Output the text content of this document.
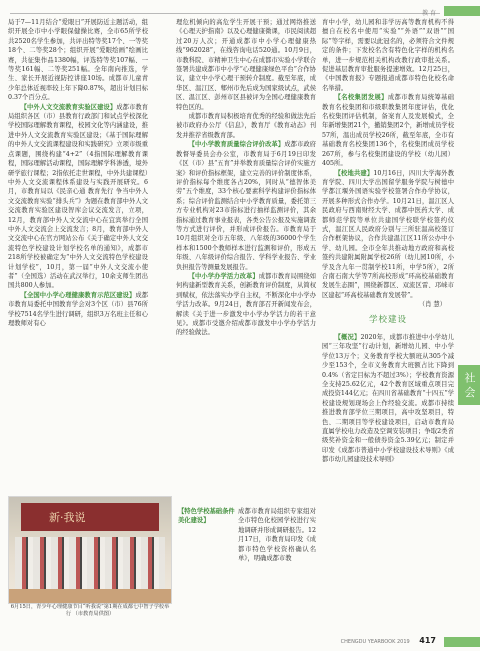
教 育

局于7—11月结合“爱眼日”开展防近主题活动，组织开展全市中小学眼保健操比赛，全市65所学校共2520名学生参加，共评出特等奖17个、一等奖18个、二等奖28个；组织开展“爱眼绘画”绘画比赛，共征集作品1380幅，评选特等奖107幅、一等奖161幅、二等奖251幅。全年南向推选，学生、家长开展近视防控讲座10场。成都市儿童青少年总体近视率较上年下降0.87%，超出计划目标0.37个百分点。

【中外人文交流教育实验区建设】成都市教育局组织各区（市）县教育行政部门和试点学校深化学校国际理解教育课程，校园文化等内涵建设，推进中外人文交流教育实验区建设；《基于国际理解的中外人文交流课程建设和实践研究》立项市级重点课题，围绕构建“4+2”（4指国际理解教育课程，国际理解活动课程，国际理解学科渗透，境外研学旅行课程；2指依托走世课程，中外共建课程）中外人文交流课程体系建设与实践开展研究。6月，市教育局以《民亲心通 教育先行 争当中外人文交流教育实验“排头兵”》为题在教育部中外人文交流教育实验区建设智库会议交流发言，立项，12月，教育部中外人文交流中心在宜宾举行全国中外人文交流会上交流发言；8月，教育部中外人文交流中心在官方网站公布《关于确定中外人文交流特色学校建设计划学校名单的通知》，成都市218所学校被确定为“中外人文交流特色学校建设计划学校”，10月，第一届“中外人文交流小使者”（全国选）活动在武汉举行，10余支师生团出国共800人参加。

【全国中小学心理健康教育示范区建设】成都市教育局委托中国教育学会对3个区（市）县76所学校7514名学生进行调研，组织3万名班主任和心理教师对有心

理危机倾向的高危学生开展干预；通过网络推送《心理天护指南》以及心理健康微课，市民阅读超过20万人次；开通成都市中小学心理健康热线“962028”，在线咨询电话520通。10月9日，市教科院、市精神卫生中心在成都市实验小学联合签署共建成都市中小学“心理健康绿色平台”合作协议，建立中小学心理干预转介制度。截至年底，成华区、温江区、郫州市先后成为国家级试点，武侯区、温江区、彭州市区县被评为全国心理健康教育特色区的。

成都市教育局积极培育优秀的经验和做法先后被市政府办公厅《信息》，教育厅《教育动态》刊发并推荐省级教育部。

【中小学教育质量综合评价改革】成都市政府教督导委员会办公室，市教育局于6月19日印发《区（市）县“五育”并举教育质量综合评价实施方案》和评价指标框架，建立完善的评价制度体系，评价指标每个维度各占20%，同时从“德智体美劳”五个维度，33个核心要素科学构建评价指标体系；综合评价监测结合中小学教育质量，委托第三方专业机构对23市指标进行抽样监测评价，其余指标通过教育事业报表，各类公告公报及实施调查等方式进行评价，并形成评价报告。市教育局于10月组织对全市五年级、八年级的36000个学生样本和1500个教师样本进行监测和评价，形成五年级、八年级评价综合报告、学科学业报告、学业负担报告等测量发展报告。

【中小学办学活力改革】成都市教育局围绕如何构建新型教育关系，创新教育评价制度，从简权到赋权，依法落实办学自主权，不断深化中小学办学活力改革。9月24日，教育部召开新闻发布会，解读《关于进一步激发中小学办学活力的若干意见》。成都市受邀介绍成都市激发中小学办学活力的经验做法。

【特色学校基础条件美化建设】
成都市教育局组织专家组对全市特色化校园学校进行实地调研并形成调研报告。12月17日，市教育局印发《成都市特色学校资格确认名单》，明确成都市教

育中小学，幼儿园和非学历高等教育机构不得擅自在校名中使用“实验”“外语”“双语”“国际”等字样，需要以此冠名的，必须符合文件规定的条件；下发校名含有特色化字样的机构名单，进一步规范相关机构改教行政审批关系。促进基层教育审批服务提速增效。12月25日，《中国教育报》专题报道成都市特色化校名命名举措。

【名校集团发展】成都市教育局统筹基础教育名校集团和市级职教集团年度评估，优化名校集团评估机制，备案育人及发展模式，全年新增集团21个，撤销集团2个，新增成员学校57所，温出成员学校26所，截至年底，全市有基础教育名校集团136个，名校集团成员学校267所，参与名校集团建设的学校（幼儿园）405所。

【校地共建】10月16日，四川大学海外教育学院、四川大学出国留学服务学院与树德中学都江堰外国语实验学校签署合作办学协议，开展多种形式合作办学。10月21日，温江区人民政府与西南财经大学、成都中医药大学、成都师范学院等单位共建国学校联学校签约仪式，温江区人民政府分别与三所驻温高校签订合作框架协议，合作共建温江区11所公办中小学、幼儿园。全市全年共推动地方政府和高校签约共建附属附属学校26所（幼儿园10所，小学及含九年一贯制学校11所，中学5所），2所合南石南大学等7所高校形成“环高校基础教育发展生态圈”，围绕新都区、双流区雷、邛崃市区建起“环高校基础教育发展带”。

（肖 慧）
学校建设

【概况】2020年，成都市推进中小学幼儿园“三年攻坚”行动计划，新增幼儿园、中小学学位13万个；义务教育学校大额班从305个减少至153个，全市义务教育大班额占比下降到0.4%（省定目标为不超过3%）；学校教育资源全支持25.62亿元，42个教育区域重点项目完成投资144亿元；在四川省基础教育“十四五”学校建设规划现场会上作经验交流。成都市持续推进教育部学位三期项目，高中攻坚项目，特色、二期项目等学校建设项目，启动市教育局直属学校电力改造及空调安装项目；争取2类省级奖补资金和一般债券资金5.39亿元；制定并印发《成都市普通中小学校建设技术导则》《成都市幼儿园建设技术导则》

社 会
新·我说
6月15日，青少年心理健康节目“听我说”第1期在成都七中智子学校举行 （市教育局供图）
CHENGDU YEARBOOK 2019 417
